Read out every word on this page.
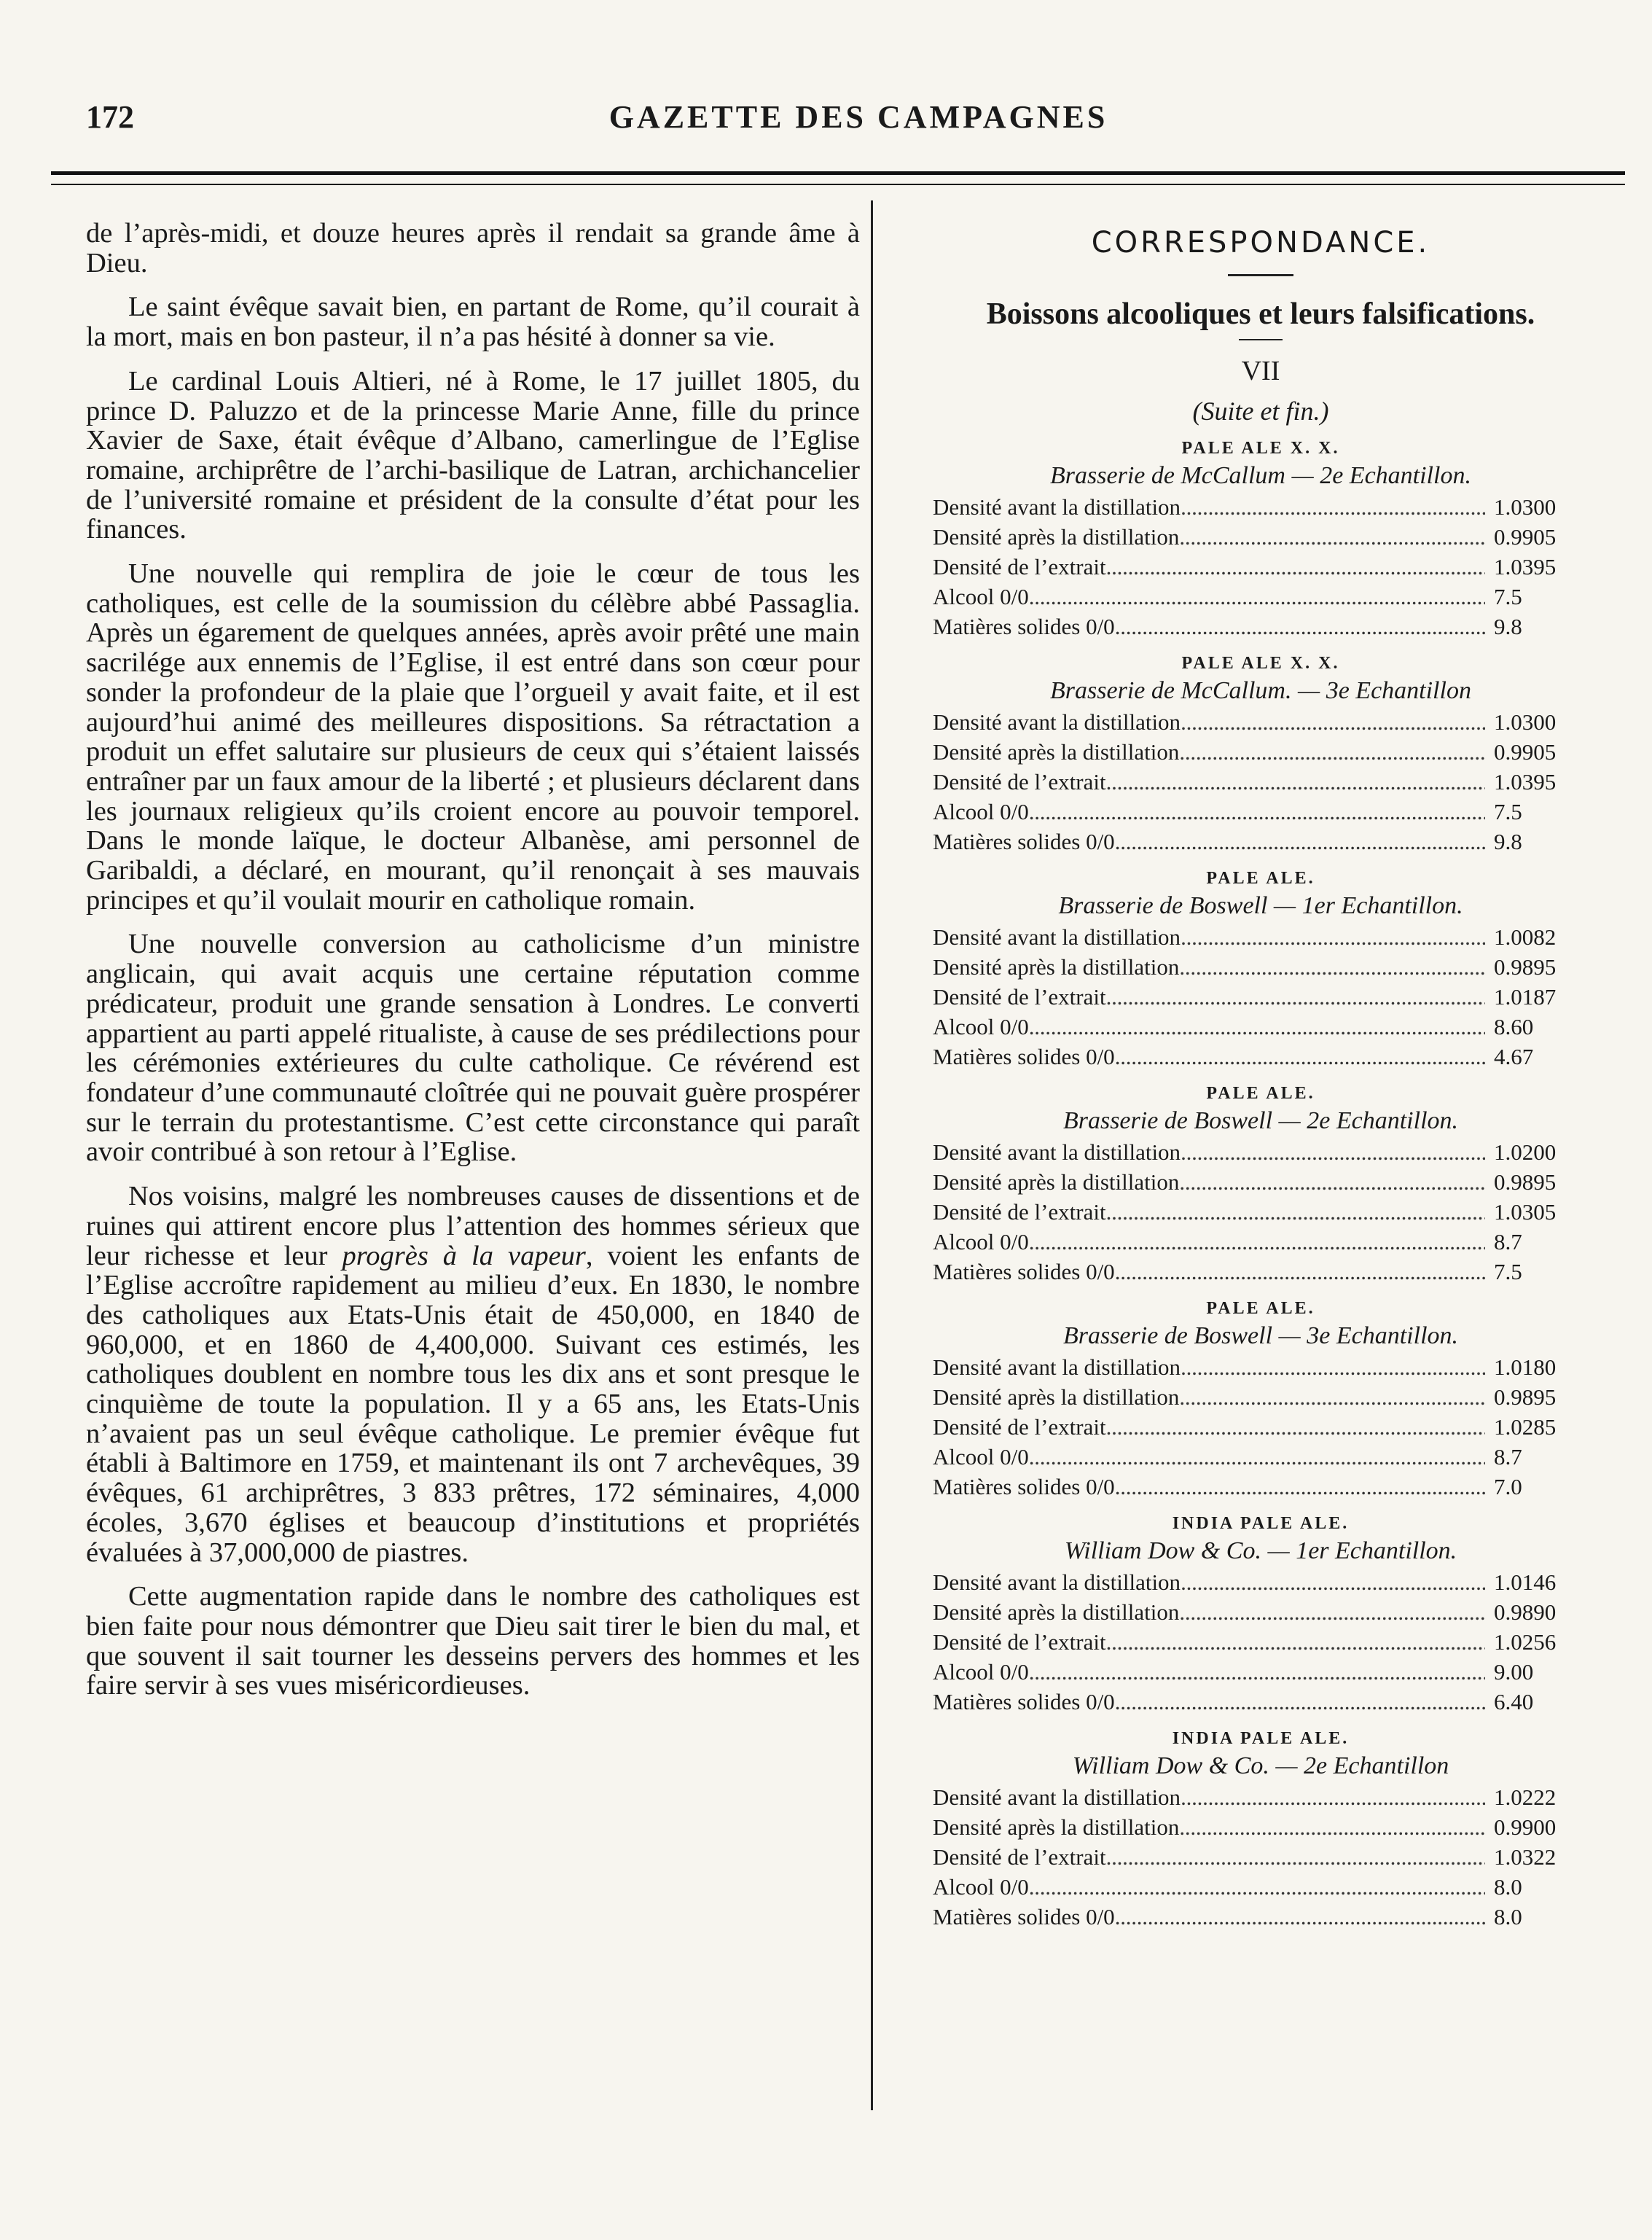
172	GAZETTE DES CAMPAGNES

de l’après-midi, et douze heures après il rendait sa grande âme à Dieu.

Le saint évêque savait bien, en partant de Rome, qu’il courait à la mort, mais en bon pasteur, il n’a pas hésité à donner sa vie.

Le cardinal Louis Altieri, né à Rome, le 17 juillet 1805, du prince D. Paluzzo et de la princesse Marie Anne, fille du prince Xavier de Saxe, était évêque d’Albano, camerlingue de l’Eglise romaine, archiprêtre de l’archi-basilique de Latran, archichancelier de l’université romaine et président de la consulte d’état pour les finances.

Une nouvelle qui remplira de joie le cœur de tous les catholiques, est celle de la soumission du célèbre abbé Passaglia. Après un égarement de quelques années, après avoir prêté une main sacrilége aux ennemis de l’Eglise, il est entré dans son cœur pour sonder la profondeur de la plaie que l’orgueil y avait faite, et il est aujourd’hui animé des meilleures dispositions. Sa rétractation a produit un effet salutaire sur plusieurs de ceux qui s’étaient laissés entraîner par un faux amour de la liberté ; et plusieurs déclarent dans les journaux religieux qu’ils croient encore au pouvoir temporel. Dans le monde laïque, le docteur Albanèse, ami personnel de Garibaldi, a déclaré, en mourant, qu’il renonçait à ses mauvais principes et qu’il voulait mourir en catholique romain.

Une nouvelle conversion au catholicisme d’un ministre anglicain, qui avait acquis une certaine réputation comme prédicateur, produit une grande sensation à Londres. Le converti appartient au parti appelé ritualiste, à cause de ses prédilections pour les cérémonies extérieures du culte catholique. Ce révérend est fondateur d’une communauté cloîtrée qui ne pouvait guère prospérer sur le terrain du protestantisme. C’est cette circonstance qui paraît avoir contribué à son retour à l’Eglise.

Nos voisins, malgré les nombreuses causes de dissentions et de ruines qui attirent encore plus l’attention des hommes sérieux que leur richesse et leur progrès à la vapeur, voient les enfants de l’Eglise accroître rapidement au milieu d’eux. En 1830, le nombre des catholiques aux Etats-Unis était de 450,000, en 1840 de 960,000, et en 1860 de 4,400,000. Suivant ces estimés, les catholiques doublent en nombre tous les dix ans et sont presque le cinquième de toute la population. Il y a 65 ans, les Etats-Unis n’avaient pas un seul évêque catholique. Le premier évêque fut établi à Baltimore en 1759, et maintenant ils ont 7 archevêques, 39 évêques, 61 archiprêtres, 3 833 prêtres, 172 séminaires, 4,000 écoles, 3,670 églises et beaucoup d’institutions et propriétés évaluées à 37,000,000 de piastres.

Cette augmentation rapide dans le nombre des catholiques est bien faite pour nous démontrer que Dieu sait tirer le bien du mal, et que souvent il sait tourner les desseins pervers des hommes et les faire servir à ses vues miséricordieuses.

CORRESPONDANCE.
Boissons alcooliques et leurs falsifications.
VII
(Suite et fin.)
PALE ALE X. X.
Brasserie de McCallum — 2e Echantillon.
Densité avant la distillation . . .	1.0300
Densité après la distillation . . .	0.9905
Densité de l’extrait . . .	1.0395
Alcool 0/0 . . .	7.5
Matières solides 0/0 . . .	9.8
PALE ALE X. X.
Brasserie de McCallum. — 3e Echantillon
Densité avant la distillation . . .	1.0300
Densité après la distillation . . .	0.9905
Densité de l’extrait . . .	1.0395
Alcool 0/0 . . .	7.5
Matières solides 0/0 . . .	9.8
PALE ALE.
Brasserie de Boswell — 1er Echantillon.
Densité avant la distillation . . .	1.0082
Densité après la distillation . . .	0.9895
Densité de l’extrait . . .	1.0187
Alcool 0/0 . . .	8.60
Matières solides 0/0 . . .	4.67
PALE ALE.
Brasserie de Boswell — 2e Echantillon.
Densité avant la distillation . . .	1.0200
Densité après la distillation . . .	0.9895
Densité de l’extrait . . .	1.0305
Alcool 0/0 . . .	8.7
Matières solides 0/0 . . .	7.5
PALE ALE.
Brasserie de Boswell — 3e Echantillon.
Densité avant la distillation . . .	1.0180
Densité après la distillation . . .	0.9895
Densité de l’extrait . . .	1.0285
Alcool 0/0 . . .	8.7
Matières solides 0/0 . . .	7.0
INDIA PALE ALE.
William Dow & Co. — 1er Echantillon.
Densité avant la distillation . . .	1.0146
Densité après la distillation . . .	0.9890
Densité de l’extrait . . .	1.0256
Alcool 0/0 . . .	9.00
Matières solides 0/0 . . .	6.40
INDIA PALE ALE.
William Dow & Co. — 2e Echantillon
Densité avant la distillation . . .	1.0222
Densité après la distillation . . .	0.9900
Densité de l’extrait . . .	1.0322
Alcool 0/0 . . .	8.0
Matières solides 0/0 . . .	8.0
